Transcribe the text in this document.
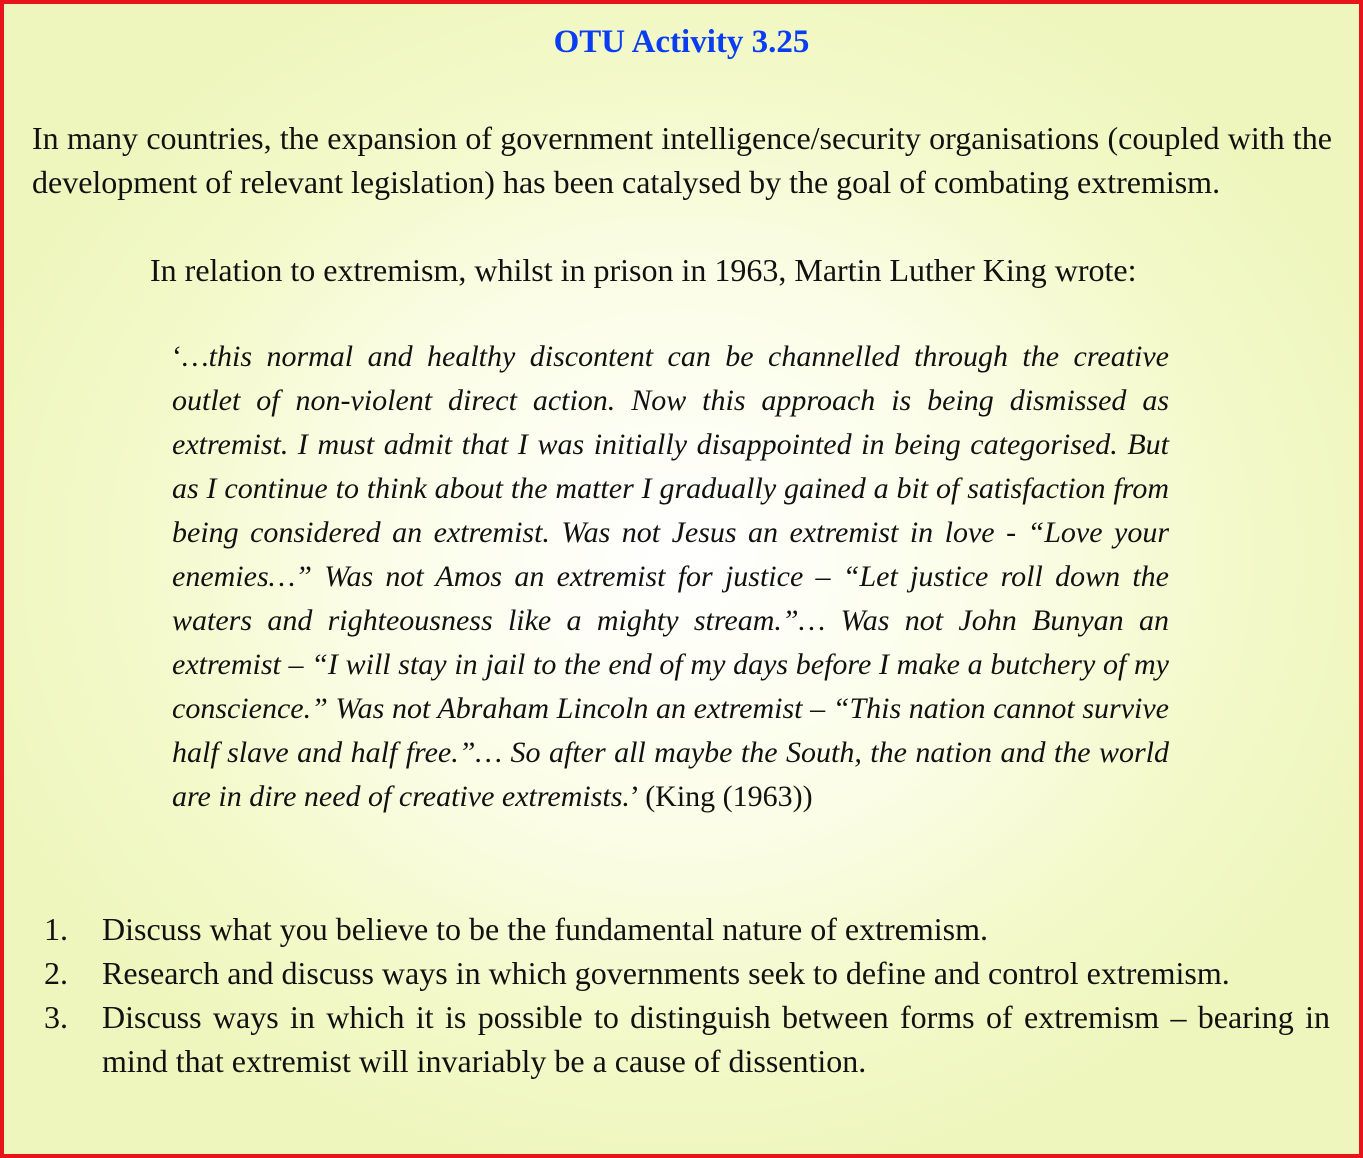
OTU Activity 3.25

In many countries, the expansion of government intelligence/security organisations (coupled with the development of relevant legislation) has been catalysed by the goal of combating extremism.

In relation to extremism, whilst in prison in 1963, Martin Luther King wrote:

‘…this normal and healthy discontent can be channelled through the creative outlet of non-violent direct action. Now this approach is being dismissed as extremist. I must admit that I was initially disappointed in being categorised. But as I continue to think about the matter I gradually gained a bit of satisfaction from being considered an extremist. Was not Jesus an extremist in love - “Love your enemies…” Was not Amos an extremist for justice – “Let justice roll down the waters and righteousness like a mighty stream.”… Was not John Bunyan an extremist – “I will stay in jail to the end of my days before I make a butchery of my conscience.” Was not Abraham Lincoln an extremist – “This nation cannot survive half slave and half free.”… So after all maybe the South, the nation and the world are in dire need of creative extremists.’ (King (1963))

1.	Discuss what you believe to be the fundamental nature of extremism.
2.	Research and discuss ways in which governments seek to define and control extremism.
3.	Discuss ways in which it is possible to distinguish between forms of extremism – bearing in mind that extremist will invariably be a cause of dissention.
